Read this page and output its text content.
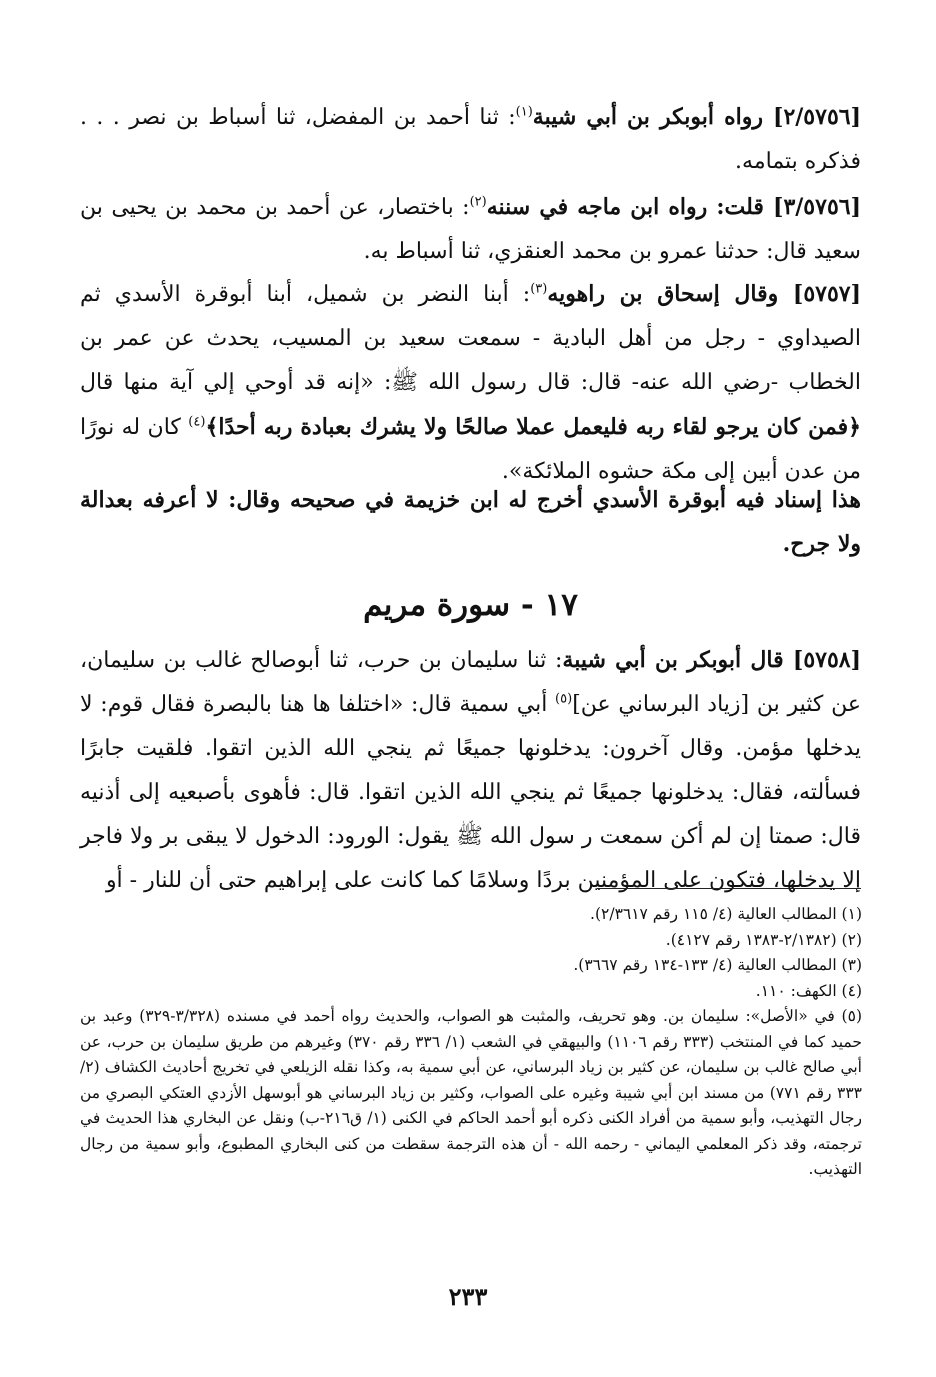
[٢/٥٧٥٦] رواه أبوبكر بن أبي شيبة$^{(١)}$: ثنا أحمد بن المفضل، ثنا أسباط بن نصر . . . فذكره بتمامه.

[٣/٥٧٥٦] قلت: رواه ابن ماجه في سننه$^{(٢)}$: باختصار، عن أحمد بن محمد بن يحيى بن سعيد قال: حدثنا عمرو بن محمد العنقزي، ثنا أسباط به.

[٥٧٥٧] وقال إسحاق بن راهويه$^{(٣)}$: أبنا النضر بن شميل، أبنا أبوقرة الأسدي ثم الصيداوي - رجل من أهل البادية - سمعت سعيد بن المسيب، يحدث عن عمر بن الخطاب -رضي الله عنه- قال: قال رسول الله ﷺ: «إنه قد أوحي إلي آية منها قال ﴿فمن كان يرجو لقاء ربه فليعمل عملا صالحًا ولا يشرك بعبادة ربه أحدًا﴾$^{(٤)}$ كان له نورًا من عدن أبين إلى مكة حشوه الملائكة».

هذا إسناد فيه أبوقرة الأسدي أخرج له ابن خزيمة في صحيحه وقال: لا أعرفه بعدالة ولا جرح.

١٧ - سورة مريم

[٥٧٥٨] قال أبوبكر بن أبي شيبة: ثنا سليمان بن حرب، ثنا أبوصالح غالب بن سليمان، عن كثير بن [زياد البرساني عن]$^{(٥)}$ أبي سمية قال: «اختلفا ها هنا بالبصرة فقال قوم: لا يدخلها مؤمن. وقال آخرون: يدخلونها جميعًا ثم ينجي الله الذين اتقوا. فلقيت جابرًا فسألته، فقال: يدخلونها جميعًا ثم ينجي الله الذين اتقوا. قال: فأهوى بأصبعيه إلى أذنيه قال: صمتا إن لم أكن سمعت ر سول الله ﷺ يقول: الورود: الدخول لا يبقى بر ولا فاجر إلا يدخلها، فتكون على المؤمنين بردًا وسلامًا كما كانت على إبراهيم حتى أن للنار - أو

(١) المطالب العالية (٤/ ١١٥ رقم ٢/٣٦١٧).

(٢) (٢/١٣٨٢-١٣٨٣ رقم ٤١٢٧).

(٣) المطالب العالية (٤/ ١٣٣-١٣٤ رقم ٣٦٦٧).

(٤) الكهف: ١١٠.

(٥) في «الأصل»: سليمان بن. وهو تحريف، والمثبت هو الصواب، والحديث رواه أحمد في مسنده (٣/٣٢٨-٣٢٩) وعبد بن حميد كما في المنتخب (٣٣٣ رقم ١١٠٦) والبيهقي في الشعب (١/ ٣٣٦ رقم ٣٧٠) وغيرهم من طريق سليمان بن حرب، عن أبي صالح غالب بن سليمان، عن كثير بن زياد البرساني، عن أبي سمية به، وكذا نقله الزيلعي في تخريج أحاديث الكشاف (٢/ ٣٣٣ رقم ٧٧١) من مسند ابن أبي شيبة وغيره على الصواب، وكثير بن زياد البرساني هو أبوسهل الأزدي العتكي البصري من رجال التهذيب، وأبو سمية من أفراد الكنى ذكره أبو أحمد الحاكم في الكنى (١/ ق٢١٦-ب) ونقل عن البخاري هذا الحديث في ترجمته، وقد ذكر المعلمي اليماني - رحمه الله - أن هذه الترجمة سقطت من كنى البخاري المطبوع، وأبو سمية من رجال التهذيب.

٢٣٣
